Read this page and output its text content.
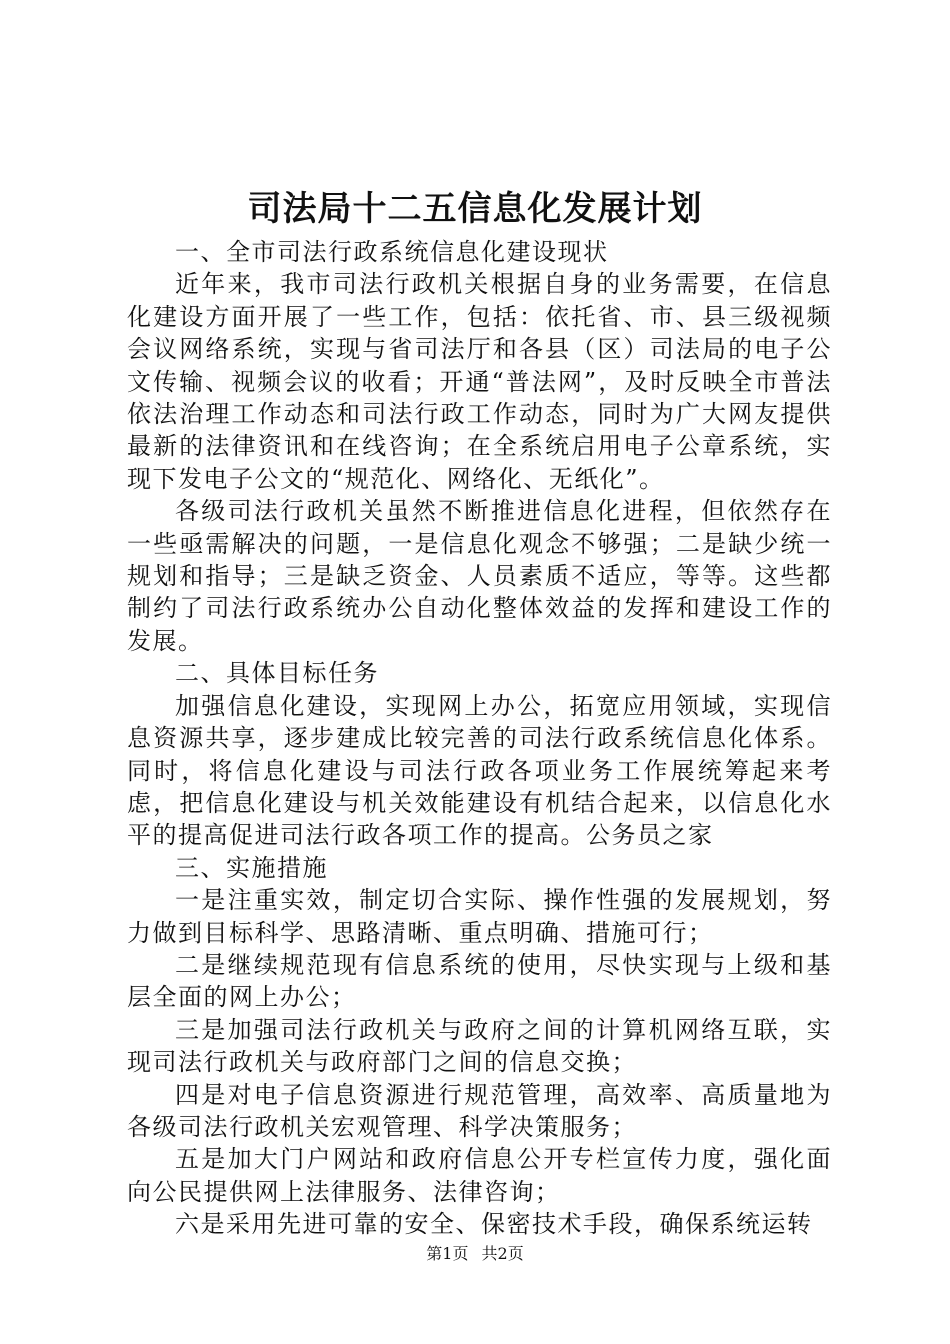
司法局十二五信息化发展计划

一、全市司法行政系统信息化建设现状

近年来，我市司法行政机关根据自身的业务需要，在信息化建设方面开展了一些工作，包括：依托省、市、县三级视频会议网络系统，实现与省司法厅和各县（区）司法局的电子公文传输、视频会议的收看；开通“普法网”，及时反映全市普法依法治理工作动态和司法行政工作动态，同时为广大网友提供最新的法律资讯和在线咨询；在全系统启用电子公章系统，实现下发电子公文的“规范化、网络化、无纸化”。

各级司法行政机关虽然不断推进信息化进程，但依然存在一些亟需解决的问题，一是信息化观念不够强；二是缺少统一规划和指导；三是缺乏资金、人员素质不适应，等等。这些都制约了司法行政系统办公自动化整体效益的发挥和建设工作的发展。

二、具体目标任务

加强信息化建设，实现网上办公，拓宽应用领域，实现信息资源共享，逐步建成比较完善的司法行政系统信息化体系。同时，将信息化建设与司法行政各项业务工作展统筹起来考虑，把信息化建设与机关效能建设有机结合起来，以信息化水平的提高促进司法行政各项工作的提高。公务员之家

三、实施措施

一是注重实效，制定切合实际、操作性强的发展规划，努力做到目标科学、思路清晰、重点明确、措施可行；

二是继续规范现有信息系统的使用，尽快实现与上级和基层全面的网上办公；

三是加强司法行政机关与政府之间的计算机网络互联，实现司法行政机关与政府部门之间的信息交换；

四是对电子信息资源进行规范管理，高效率、高质量地为各级司法行政机关宏观管理、科学决策服务；

五是加大门户网站和政府信息公开专栏宣传力度，强化面向公民提供网上法律服务、法律咨询；

六是采用先进可靠的安全、保密技术手段，确保系统运转

第1页 共2页
